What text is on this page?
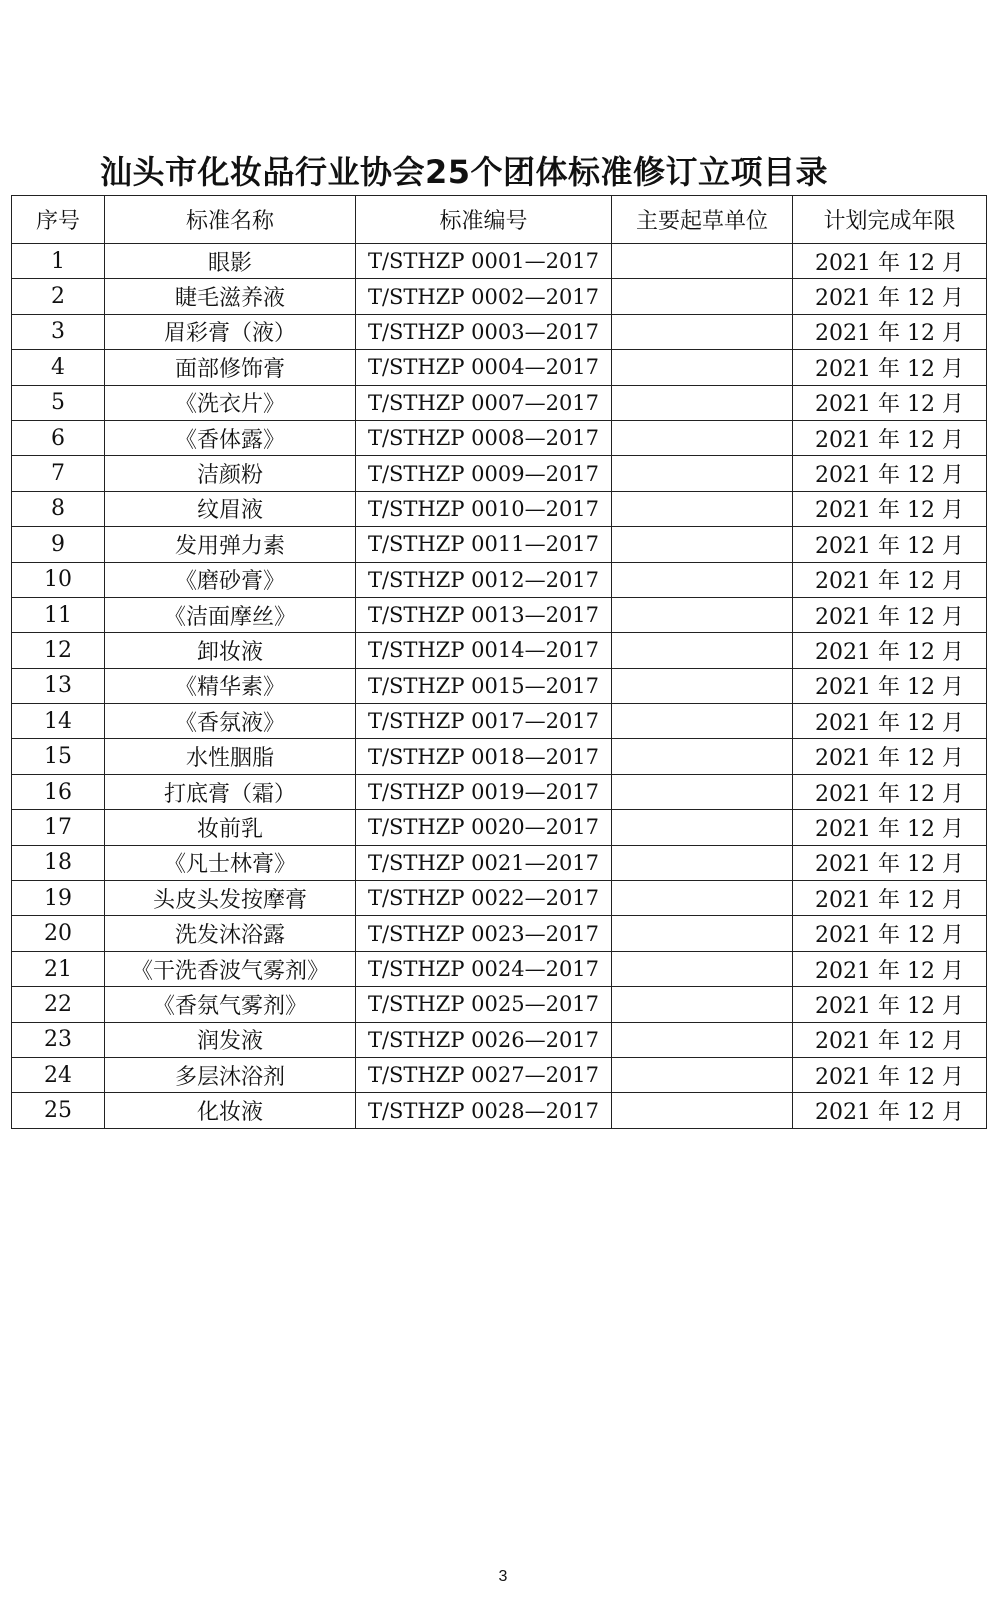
汕头市化妆品行业协会25个团体标准修订立项目录
序号	标准名称	标准编号	主要起草单位	计划完成年限
1	眼影	T/STHZP 0001—2017		2021 年 12 月
2	睫毛滋养液	T/STHZP 0002—2017		2021 年 12 月
3	眉彩膏（液）	T/STHZP 0003—2017		2021 年 12 月
4	面部修饰膏	T/STHZP 0004—2017		2021 年 12 月
5	《洗衣片》	T/STHZP 0007—2017		2021 年 12 月
6	《香体露》	T/STHZP 0008—2017		2021 年 12 月
7	洁颜粉	T/STHZP 0009—2017		2021 年 12 月
8	纹眉液	T/STHZP 0010—2017		2021 年 12 月
9	发用弹力素	T/STHZP 0011—2017		2021 年 12 月
10	《磨砂膏》	T/STHZP 0012—2017		2021 年 12 月
11	《洁面摩丝》	T/STHZP 0013—2017		2021 年 12 月
12	卸妆液	T/STHZP 0014—2017		2021 年 12 月
13	《精华素》	T/STHZP 0015—2017		2021 年 12 月
14	《香氛液》	T/STHZP 0017—2017		2021 年 12 月
15	水性胭脂	T/STHZP 0018—2017		2021 年 12 月
16	打底膏（霜）	T/STHZP 0019—2017		2021 年 12 月
17	妆前乳	T/STHZP 0020—2017		2021 年 12 月
18	《凡士林膏》	T/STHZP 0021—2017		2021 年 12 月
19	头皮头发按摩膏	T/STHZP 0022—2017		2021 年 12 月
20	洗发沐浴露	T/STHZP 0023—2017		2021 年 12 月
21	《干洗香波气雾剂》	T/STHZP 0024—2017		2021 年 12 月
22	《香氛气雾剂》	T/STHZP 0025—2017		2021 年 12 月
23	润发液	T/STHZP 0026—2017		2021 年 12 月
24	多层沐浴剂	T/STHZP 0027—2017		2021 年 12 月
25	化妆液	T/STHZP 0028—2017		2021 年 12 月
3
